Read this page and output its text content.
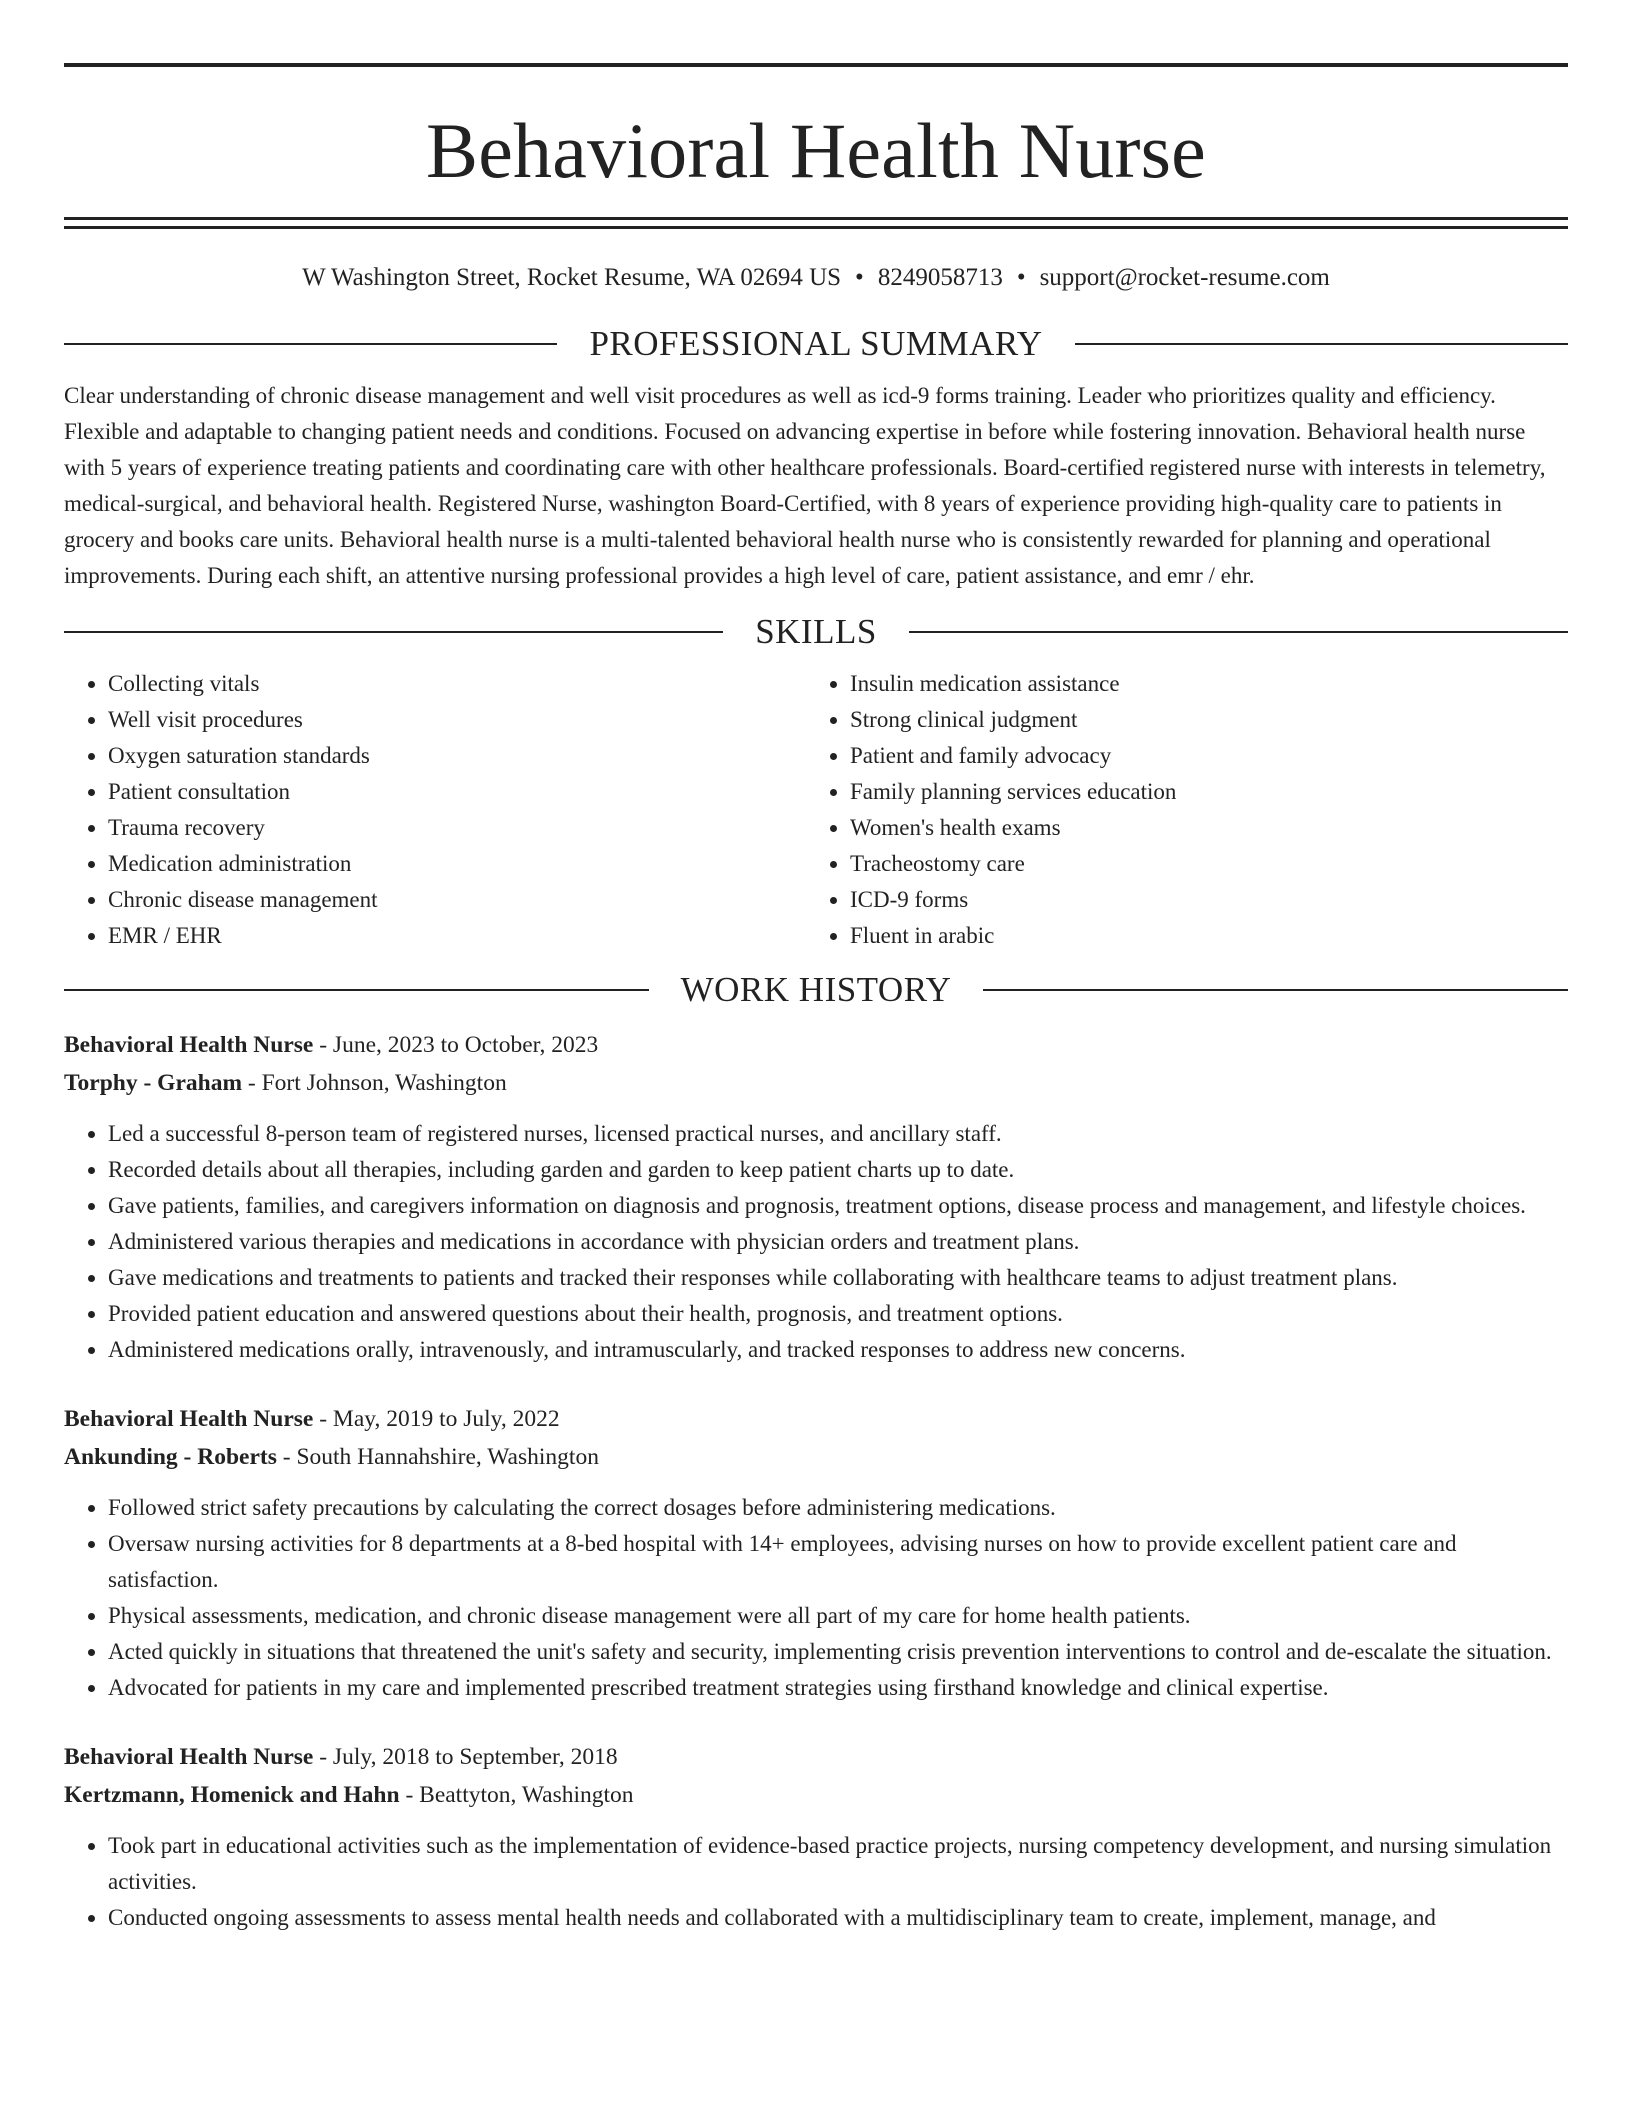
Behavioral Health Nurse
W Washington Street, Rocket Resume, WA 02694 US • 8249058713 • support@rocket-resume.com
PROFESSIONAL SUMMARY
Clear understanding of chronic disease management and well visit procedures as well as icd-9 forms training. Leader who prioritizes quality and efficiency. Flexible and adaptable to changing patient needs and conditions. Focused on advancing expertise in before while fostering innovation. Behavioral health nurse with 5 years of experience treating patients and coordinating care with other healthcare professionals. Board-certified registered nurse with interests in telemetry, medical-surgical, and behavioral health. Registered Nurse, washington Board-Certified, with 8 years of experience providing high-quality care to patients in grocery and books care units. Behavioral health nurse is a multi-talented behavioral health nurse who is consistently rewarded for planning and operational improvements. During each shift, an attentive nursing professional provides a high level of care, patient assistance, and emr / ehr.
SKILLS
• Collecting vitals
• Well visit procedures
• Oxygen saturation standards
• Patient consultation
• Trauma recovery
• Medication administration
• Chronic disease management
• EMR / EHR
• Insulin medication assistance
• Strong clinical judgment
• Patient and family advocacy
• Family planning services education
• Women's health exams
• Tracheostomy care
• ICD-9 forms
• Fluent in arabic
WORK HISTORY
Behavioral Health Nurse - June, 2023 to October, 2023
Torphy - Graham - Fort Johnson, Washington
• Led a successful 8-person team of registered nurses, licensed practical nurses, and ancillary staff.
• Recorded details about all therapies, including garden and garden to keep patient charts up to date.
• Gave patients, families, and caregivers information on diagnosis and prognosis, treatment options, disease process and management, and lifestyle choices.
• Administered various therapies and medications in accordance with physician orders and treatment plans.
• Gave medications and treatments to patients and tracked their responses while collaborating with healthcare teams to adjust treatment plans.
• Provided patient education and answered questions about their health, prognosis, and treatment options.
• Administered medications orally, intravenously, and intramuscularly, and tracked responses to address new concerns.
Behavioral Health Nurse - May, 2019 to July, 2022
Ankunding - Roberts - South Hannahshire, Washington
• Followed strict safety precautions by calculating the correct dosages before administering medications.
• Oversaw nursing activities for 8 departments at a 8-bed hospital with 14+ employees, advising nurses on how to provide excellent patient care and satisfaction.
• Physical assessments, medication, and chronic disease management were all part of my care for home health patients.
• Acted quickly in situations that threatened the unit's safety and security, implementing crisis prevention interventions to control and de-escalate the situation.
• Advocated for patients in my care and implemented prescribed treatment strategies using firsthand knowledge and clinical expertise.
Behavioral Health Nurse - July, 2018 to September, 2018
Kertzmann, Homenick and Hahn - Beattyton, Washington
• Took part in educational activities such as the implementation of evidence-based practice projects, nursing competency development, and nursing simulation activities.
• Conducted ongoing assessments to assess mental health needs and collaborated with a multidisciplinary team to create, implement, manage, and
